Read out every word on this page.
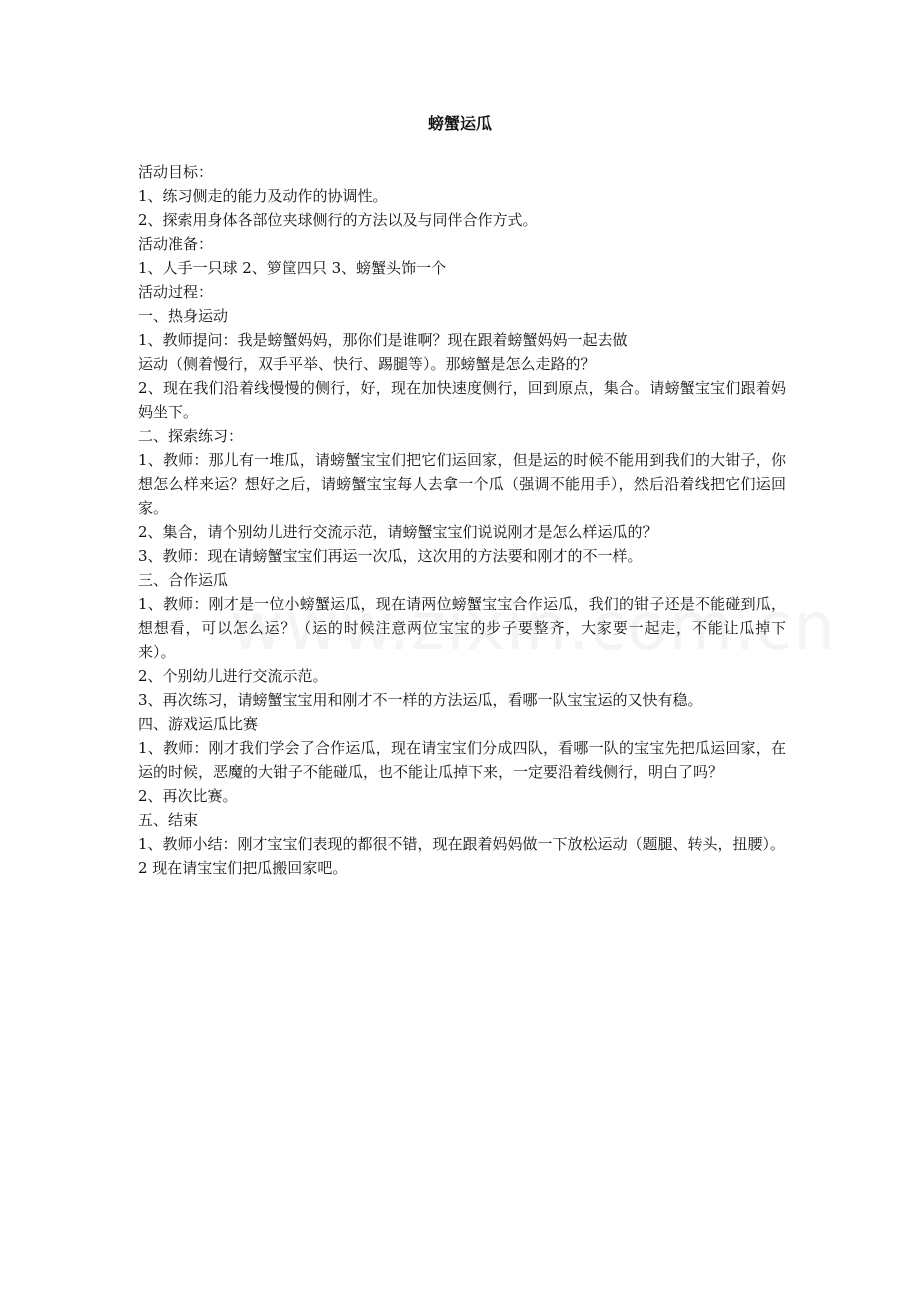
螃蟹运瓜
活动目标：
1、练习侧走的能力及动作的协调性。
2、探索用身体各部位夹球侧行的方法以及与同伴合作方式。
活动准备：
1、人手一只球 2、箩筐四只 3、螃蟹头饰一个
活动过程：
一、热身运动
1、教师提问：我是螃蟹妈妈，那你们是谁啊？现在跟着螃蟹妈妈一起去做
运动（侧着慢行，双手平举、快行、踢腿等）。那螃蟹是怎么走路的？
2、现在我们沿着线慢慢的侧行，好，现在加快速度侧行，回到原点，集合。请螃蟹宝宝们跟着妈妈坐下。
二、探索练习：
1、教师：那儿有一堆瓜，请螃蟹宝宝们把它们运回家，但是运的时候不能用到我们的大钳子，你想怎么样来运？想好之后，请螃蟹宝宝每人去拿一个瓜（强调不能用手），然后沿着线把它们运回家。
2、集合，请个别幼儿进行交流示范，请螃蟹宝宝们说说刚才是怎么样运瓜的？
3、教师：现在请螃蟹宝宝们再运一次瓜，这次用的方法要和刚才的不一样。
三、合作运瓜
1、教师：刚才是一位小螃蟹运瓜，现在请两位螃蟹宝宝合作运瓜，我们的钳子还是不能碰到瓜，想想看，可以怎么运？（运的时候注意两位宝宝的步子要整齐，大家要一起走，不能让瓜掉下来）。
2、个别幼儿进行交流示范。
3、再次练习，请螃蟹宝宝用和刚才不一样的方法运瓜，看哪一队宝宝运的又快有稳。
四、游戏运瓜比赛
1、教师：刚才我们学会了合作运瓜，现在请宝宝们分成四队，看哪一队的宝宝先把瓜运回家，在运的时候，恶魔的大钳子不能碰瓜，也不能让瓜掉下来，一定要沿着线侧行，明白了吗？
2、再次比赛。
五、结束
1、教师小结：刚才宝宝们表现的都很不错，现在跟着妈妈做一下放松运动（题腿、转头，扭腰）。
2 现在请宝宝们把瓜搬回家吧。
